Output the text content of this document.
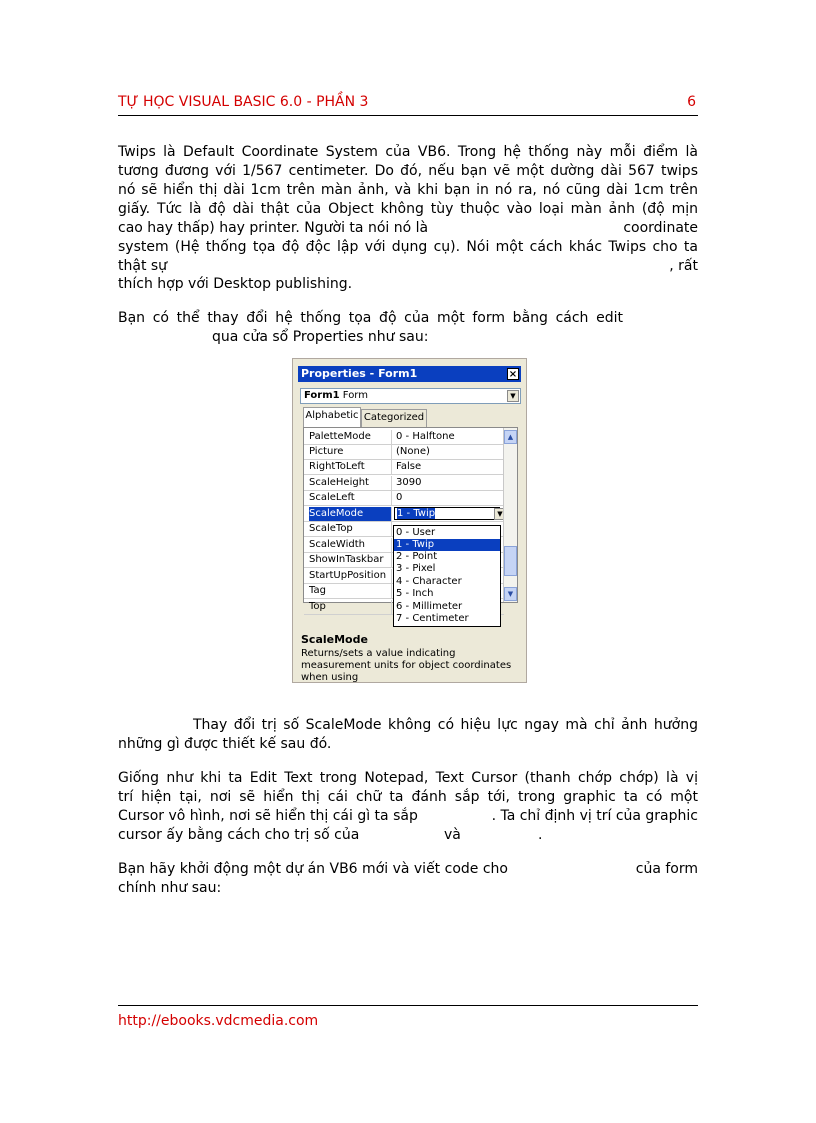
TỰ HỌC VISUAL BASIC 6.0 - PHẦN 3	6
Twips là Default Coordinate System của VB6. Trong hệ thống này mỗi điểm là
tương đương với 1/567 centimeter. Do đó, nếu bạn vẽ một dường dài 567 twips
nó sẽ hiển thị dài 1cm trên màn ảnh, và khi bạn in nó ra, nó cũng dài 1cm trên
giấy. Tức là độ dài thật của Object không tùy thuộc vào loại màn ảnh (độ mịn
cao hay thấp) hay printer. Người ta nói nó là	coordinate
system (Hệ thống tọa độ độc lập với dụng cụ). Nói một cách khác Twips cho ta
thật sự	, rất
thích hợp với Desktop publishing.
Bạn có thể thay đổi hệ thống tọa độ của một form bằng cách edit
qua cửa sổ Properties như sau:
Properties - Form1	×
Form1 Form	▼
Alphabetic Categorized
PaletteMode	0 - Halftone
Picture	(None)
RightToLeft	False
ScaleHeight	3090
ScaleLeft	0
ScaleMode	1 - Twip	▼
ScaleTop
ScaleWidth
ShowInTaskbar
StartUpPosition
Tag
Top
▲
▼
ScaleMode
Returns/sets a value indicating measurement units for object coordinates when using
0 - User
1 - Twip
2 - Point
3 - Pixel
4 - Character
5 - Inch
6 - Millimeter
7 - Centimeter
Thay đổi trị số ScaleMode không có hiệu lực ngay mà chỉ ảnh hưởng
những gì được thiết kế sau đó.
Giống như khi ta Edit Text trong Notepad, Text Cursor (thanh chớp chớp) là vị
trí hiện tại, nơi sẽ hiển thị cái chữ ta đánh sắp tới, trong graphic ta có một
Cursor vô hình, nơi sẽ hiển thị cái gì ta sắp	. Ta chỉ định vị trí của graphic
cursor ấy bằng cách cho trị số của	và	.
Bạn hãy khởi động một dự án VB6 mới và viết code cho	của form
chính như sau:
http://ebooks.vdcmedia.com
